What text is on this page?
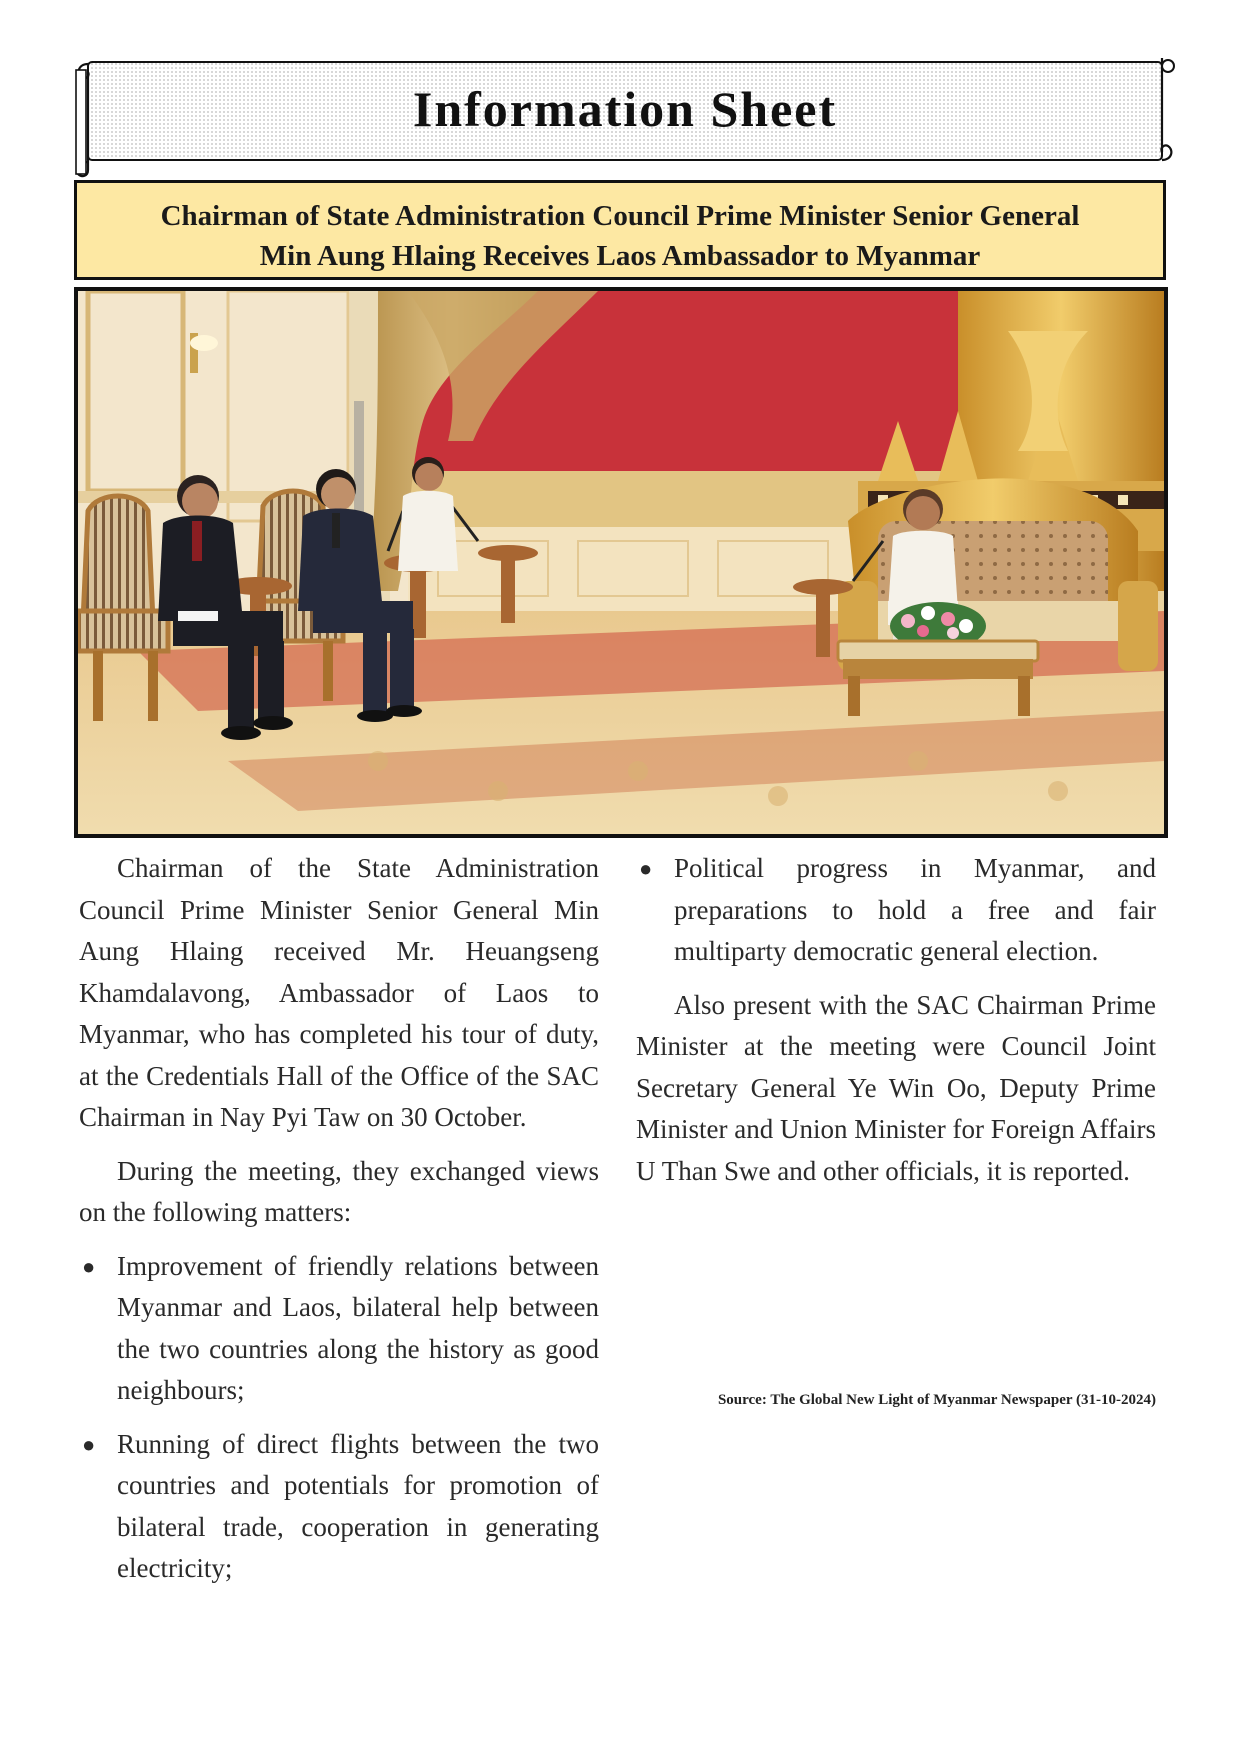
Information Sheet
Chairman of State Administration Council Prime Minister Senior General
Min Aung Hlaing Receives Laos Ambassador to Myanmar

Chairman of the State Administration Council Prime Minister Senior General Min Aung Hlaing received Mr. Heuangseng Khamdalavong, Ambassador of Laos to Myanmar, who has completed his tour of duty, at the Credentials Hall of the Office of the SAC Chairman in Nay Pyi Taw on 30 October.

During the meeting, they exchanged views on the following matters:

● Improvement of friendly relations between Myanmar and Laos, bilateral help between the two countries along the history as good neighbours;
● Running of direct flights between the two countries and potentials for promotion of bilateral trade, cooperation in generating electricity;
● Political progress in Myanmar, and preparations to hold a free and fair multiparty democratic general election.

Also present with the SAC Chairman Prime Minister at the meeting were Council Joint Secretary General Ye Win Oo, Deputy Prime Minister and Union Minister for Foreign Affairs U Than Swe and other officials, it is reported.

Source: The Global New Light of Myanmar Newspaper (31-10-2024)
